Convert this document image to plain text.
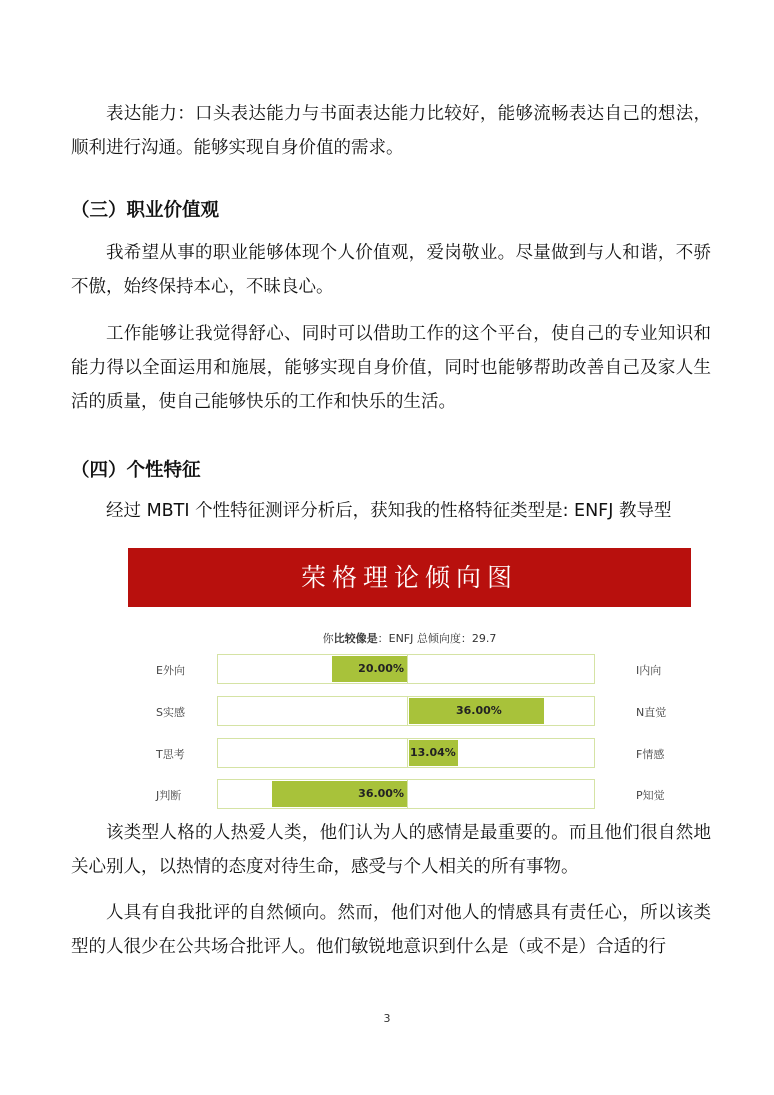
表达能力：口头表达能力与书面表达能力比较好，能够流畅表达自己的想法，顺利进行沟通。能够实现自身价值的需求。

（三）职业价值观

我希望从事的职业能够体现个人价值观，爱岗敬业。尽量做到与人和谐，不骄不傲，始终保持本心，不昧良心。

工作能够让我觉得舒心、同时可以借助工作的这个平台，使自己的专业知识和能力得以全面运用和施展，能够实现自身价值，同时也能够帮助改善自己及家人生活的质量，使自己能够快乐的工作和快乐的生活。

（四）个性特征

经过 MBTI 个性特征测评分析后，获知我的性格特征类型是: ENFJ 教导型

荣格理论倾向图
你比较像是：ENFJ 总倾向度：29.7
E外向	20.00%	I内向
S实感	36.00%	N直觉
T思考	13.04%	F情感
J判断	36.00%	P知觉

该类型人格的人热爱人类，他们认为人的感情是最重要的。而且他们很自然地关心别人，以热情的态度对待生命，感受与个人相关的所有事物。

人具有自我批评的自然倾向。然而，他们对他人的情感具有责任心，所以该类型的人很少在公共场合批评人。他们敏锐地意识到什么是（或不是）合适的行

3
